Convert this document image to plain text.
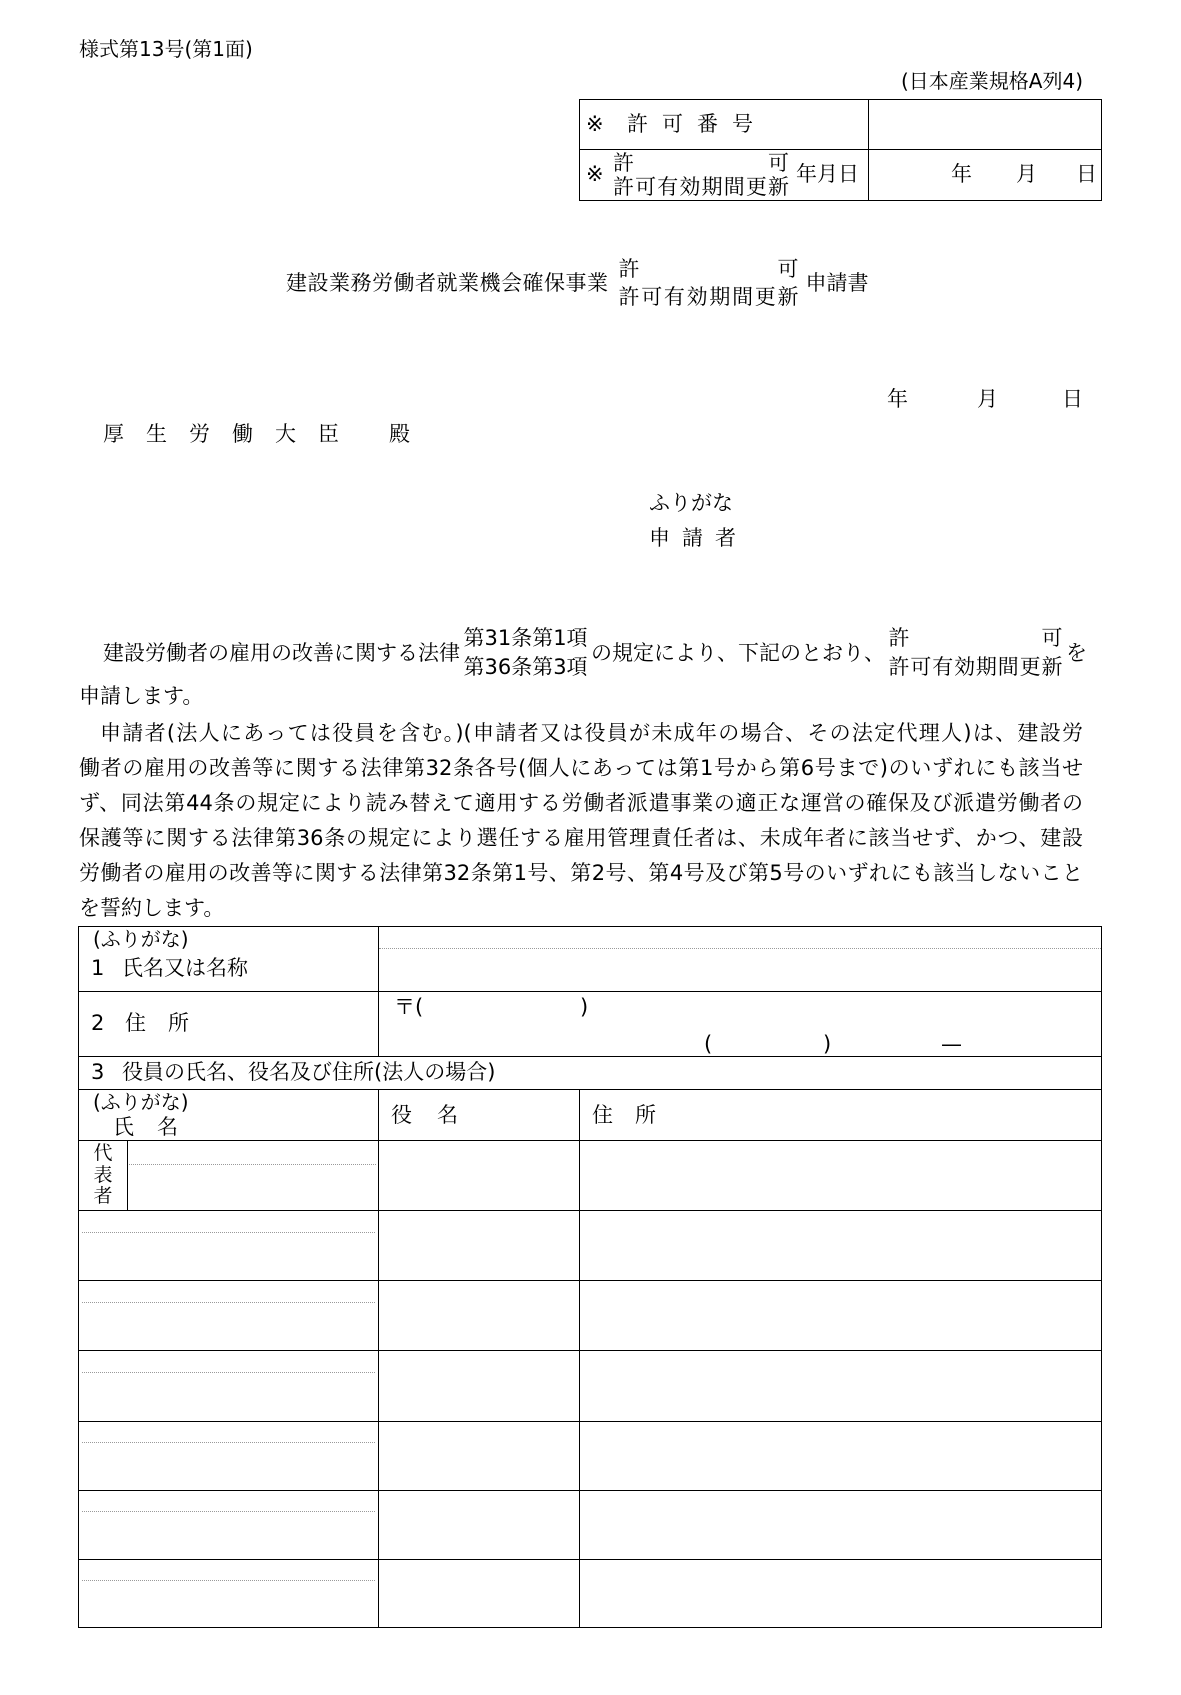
様式第13号(第1面)
(日本産業規格A列4)
※ 許可番号
※ 許可
許可有効期間更新
年月日	年 月 日
建設業務労働者就業機会確保事業
許可
許可有効期間更新
申請書
年	月	日
厚生労働大臣 殿
ふりがな
申請者
建設労働者の雇用の改善に関する法律
第31条第1項
第36条第3項
の規定により、下記のとおり、
許可
許可有効期間更新
を
申請します。
申請者(法人にあっては役員を含む。)(申請者又は役員が未成年の場合、その法定代理人)は、建設労
働者の雇用の改善等に関する法律第32条各号(個人にあっては第1号から第6号まで)のいずれにも該当せ
ず、同法第44条の規定により読み替えて適用する労働者派遣事業の適正な運営の確保及び派遣労働者の
保護等に関する法律第36条の規定により選任する雇用管理責任者は、未成年者に該当せず、かつ、建設
労働者の雇用の改善等に関する法律第32条第1号、第2号、第4号及び第5号のいずれにも該当しないこと
を誓約します。
(ふりがな)
1 氏名又は名称
2 住所
〒(	)
(	)	—
3 役員の氏名、役名及び住所(法人の場合)
(ふりがな)
氏名	役名	住所
代表者
